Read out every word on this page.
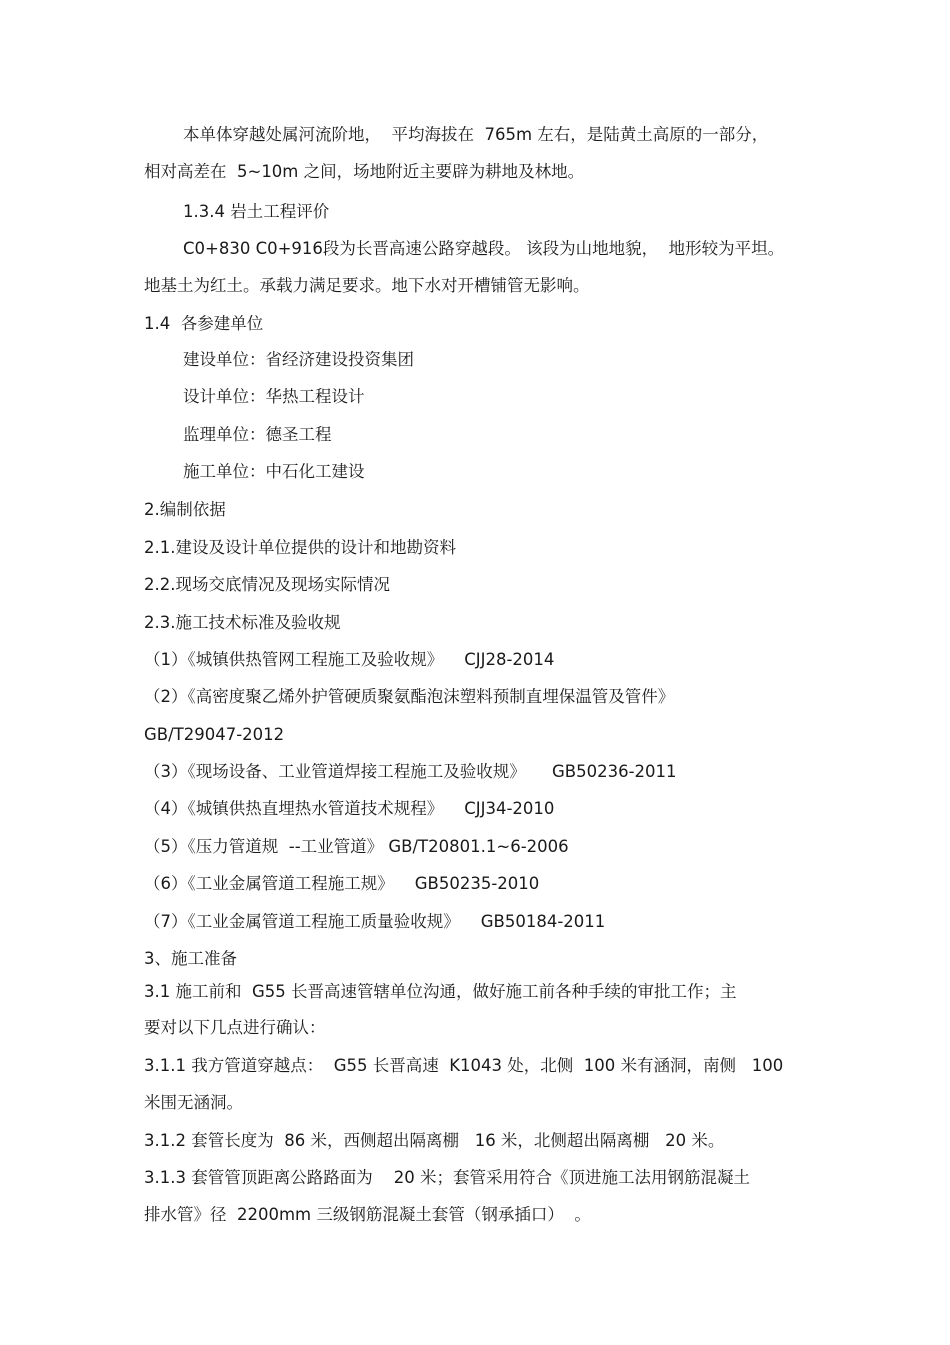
本单体穿越处属河流阶地，  平均海拔在  765m 左右，是陆黄土高原的一部分，
相对高差在  5~10m 之间，场地附近主要辟为耕地及林地。
1.3.4 岩土工程评价
C0+830 C0+916段为长晋高速公路穿越段。 该段为山地地貌，  地形较为平坦。
地基土为红土。承载力满足要求。地下水对开槽铺管无影响。
1.4  各参建单位
建设单位：省经济建设投资集团
设计单位：华热工程设计
监理单位：德圣工程
施工单位：中石化工建设
2.编制依据
2.1.建设及设计单位提供的设计和地勘资料
2.2.现场交底情况及现场实际情况
2.3.施工技术标准及验收规
（1）《城镇供热管网工程施工及验收规》    CJJ28-2014
（2）《高密度聚乙烯外护管硬质聚氨酯泡沫塑料预制直埋保温管及管件》
GB/T29047-2012
（3）《现场设备、工业管道焊接工程施工及验收规》     GB50236-2011
（4）《城镇供热直埋热水管道技术规程》    CJJ34-2010
（5）《压力管道规  --工业管道》 GB/T20801.1~6-2006
（6）《工业金属管道工程施工规》    GB50235-2010
（7）《工业金属管道工程施工质量验收规》    GB50184-2011
3、施工准备
3.1 施工前和  G55 长晋高速管辖单位沟通，做好施工前各种手续的审批工作；主
要对以下几点进行确认：
3.1.1 我方管道穿越点：  G55 长晋高速  K1043 处，北侧  100 米有涵洞，南侧   100
米围无涵洞。
3.1.2 套管长度为  86 米，西侧超出隔离棚   16 米，北侧超出隔离棚   20 米。
3.1.3 套管管顶距离公路路面为    20 米；套管采用符合《顶进施工法用钢筋混凝土
排水管》径  2200mm 三级钢筋混凝土套管（钢承插口）  。
